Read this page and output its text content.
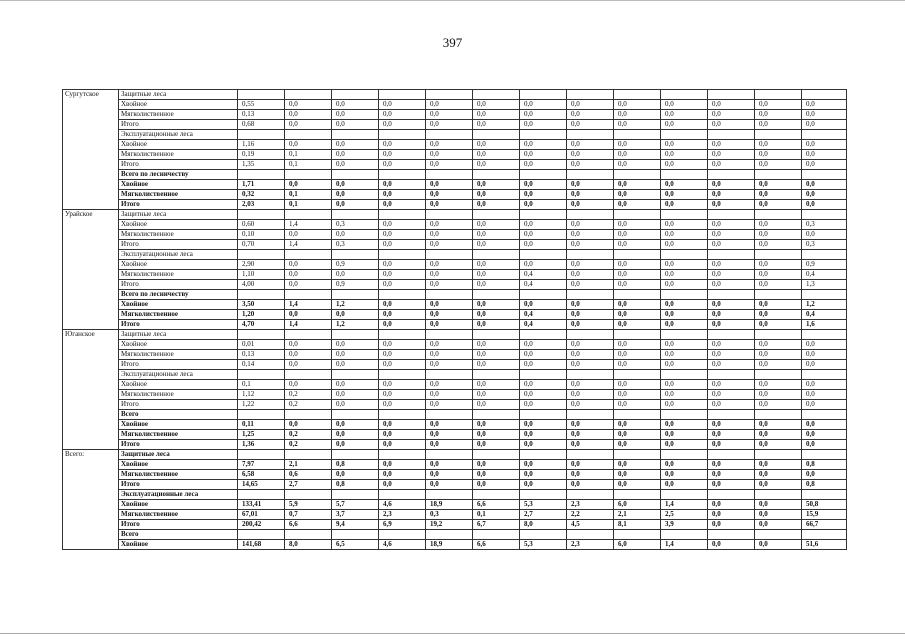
397
Сургутское	Защитные леса													
	Хвойное	0,55	0,0	0,0	0,0	0,0	0,0	0,0	0,0	0,0	0,0	0,0	0,0	0,0
	Мягколиственное	0,13	0,0	0,0	0,0	0,0	0,0	0,0	0,0	0,0	0,0	0,0	0,0	0,0
	Итого	0,68	0,0	0,0	0,0	0,0	0,0	0,0	0,0	0,0	0,0	0,0	0,0	0,0
	Эксплуатационные леса													
	Хвойное	1,16	0,0	0,0	0,0	0,0	0,0	0,0	0,0	0,0	0,0	0,0	0,0	0,0
	Мягколиственное	0,19	0,1	0,0	0,0	0,0	0,0	0,0	0,0	0,0	0,0	0,0	0,0	0,0
	Итого	1,35	0,1	0,0	0,0	0,0	0,0	0,0	0,0	0,0	0,0	0,0	0,0	0,0
	Всего по лесничеству													
	Хвойное	1,71	0,0	0,0	0,0	0,0	0,0	0,0	0,0	0,0	0,0	0,0	0,0	0,0
	Мягколиственное	0,32	0,1	0,0	0,0	0,0	0,0	0,0	0,0	0,0	0,0	0,0	0,0	0,0
	Итого	2,03	0,1	0,0	0,0	0,0	0,0	0,0	0,0	0,0	0,0	0,0	0,0	0,0
Урайское	Защитные леса													
	Хвойное	0,60	1,4	0,3	0,0	0,0	0,0	0,0	0,0	0,0	0,0	0,0	0,0	0,3
	Мягколиственное	0,10	0,0	0,0	0,0	0,0	0,0	0,0	0,0	0,0	0,0	0,0	0,0	0,0
	Итого	0,70	1,4	0,3	0,0	0,0	0,0	0,0	0,0	0,0	0,0	0,0	0,0	0,3
	Эксплуатационные леса													
	Хвойное	2,90	0,0	0,9	0,0	0,0	0,0	0,0	0,0	0,0	0,0	0,0	0,0	0,9
	Мягколиственное	1,10	0,0	0,0	0,0	0,0	0,0	0,4	0,0	0,0	0,0	0,0	0,0	0,4
	Итого	4,00	0,0	0,9	0,0	0,0	0,0	0,4	0,0	0,0	0,0	0,0	0,0	1,3
	Всего по лесничеству													
	Хвойное	3,50	1,4	1,2	0,0	0,0	0,0	0,0	0,0	0,0	0,0	0,0	0,0	1,2
	Мягколиственное	1,20	0,0	0,0	0,0	0,0	0,0	0,4	0,0	0,0	0,0	0,0	0,0	0,4
	Итого	4,70	1,4	1,2	0,0	0,0	0,0	0,4	0,0	0,0	0,0	0,0	0,0	1,6
Юганское	Защитные леса													
	Хвойное	0,01	0,0	0,0	0,0	0,0	0,0	0,0	0,0	0,0	0,0	0,0	0,0	0,0
	Мягколиственное	0,13	0,0	0,0	0,0	0,0	0,0	0,0	0,0	0,0	0,0	0,0	0,0	0,0
	Итого	0,14	0,0	0,0	0,0	0,0	0,0	0,0	0,0	0,0	0,0	0,0	0,0	0,0
	Эксплуатационные леса													
	Хвойное	0,1	0,0	0,0	0,0	0,0	0,0	0,0	0,0	0,0	0,0	0,0	0,0	0,0
	Мягколиственное	1,12	0,2	0,0	0,0	0,0	0,0	0,0	0,0	0,0	0,0	0,0	0,0	0,0
	Итого	1,22	0,2	0,0	0,0	0,0	0,0	0,0	0,0	0,0	0,0	0,0	0,0	0,0
	Всего													
	Хвойное	0,11	0,0	0,0	0,0	0,0	0,0	0,0	0,0	0,0	0,0	0,0	0,0	0,0
	Мягколиственное	1,25	0,2	0,0	0,0	0,0	0,0	0,0	0,0	0,0	0,0	0,0	0,0	0,0
	Итого	1,36	0,2	0,0	0,0	0,0	0,0	0,0	0,0	0,0	0,0	0,0	0,0	0,0
Всего:	Защитные леса													
	Хвойное	7,97	2,1	0,8	0,0	0,0	0,0	0,0	0,0	0,0	0,0	0,0	0,0	0,8
	Мягколиственное	6,58	0,6	0,0	0,0	0,0	0,0	0,0	0,0	0,0	0,0	0,0	0,0	0,0
	Итого	14,65	2,7	0,8	0,0	0,0	0,0	0,0	0,0	0,0	0,0	0,0	0,0	0,8
	Эксплуатационные леса													
	Хвойное	133,41	5,9	5,7	4,6	18,9	6,6	5,3	2,3	6,0	1,4	0,0	0,0	50,8
	Мягколиственное	67,01	0,7	3,7	2,3	0,3	0,1	2,7	2,2	2,1	2,5	0,0	0,0	15,9
	Итого	200,42	6,6	9,4	6,9	19,2	6,7	8,0	4,5	8,1	3,9	0,0	0,0	66,7
	Всего													
	Хвойное	141,68	8,0	6,5	4,6	18,9	6,6	5,3	2,3	6,0	1,4	0,0	0,0	51,6
